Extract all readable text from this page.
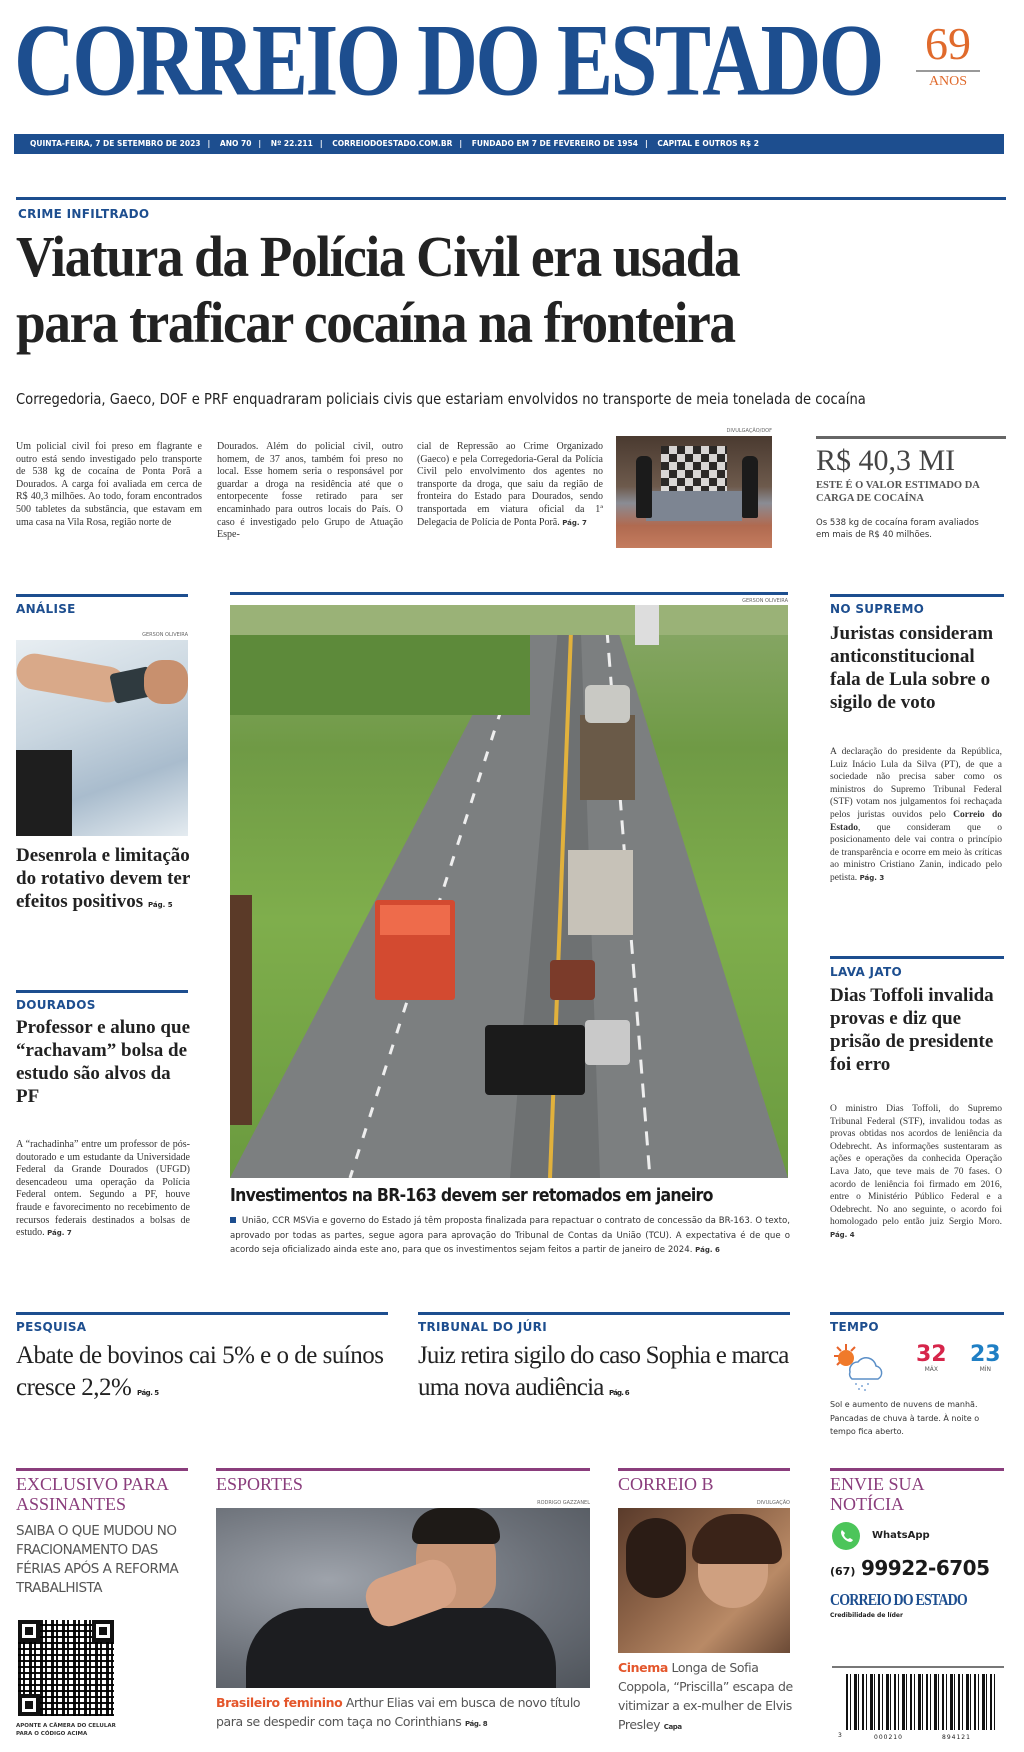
CORREIO DO ESTADO 69
ANOS
QUINTA-FEIRA, 7 DE SETEMBRO DE 2023 | ANO 70 | Nº 22.211 | CORREIODOESTADO.COM.BR | FUNDADO EM 7 DE FEVEREIRO DE 1954 | CAPITAL E OUTROS R$ 2
CRIME INFILTRADO
Viatura da Polícia Civil era usada
para traficar cocaína na fronteira
Corregedoria, Gaeco, DOF e PRF enquadraram policiais civis que estariam envolvidos no transporte de meia tonelada de cocaína
Um policial civil foi preso em flagrante e outro está sendo investigado pelo transporte de 538 kg de cocaína de Ponta Porã a Dourados. A carga foi avaliada em cerca de R$ 40,3 milhões. Ao todo, foram encontrados 500 tabletes da substância, que estavam em uma casa na Vila Rosa, região norte de
Dourados. Além do policial civil, outro homem, de 37 anos, também foi preso no local. Esse homem seria o responsável por guardar a droga na residência até que o entorpecente fosse retirado para ser encaminhado para outros locais do País. O caso é investigado pelo Grupo de Atuação Espe-
cial de Repressão ao Crime Organizado (Gaeco) e pela Corregedoria-Geral da Polícia Civil pelo envolvimento dos agentes no transporte da droga, que saiu da região de fronteira do Estado para Dourados, sendo transportada em viatura oficial da 1ª Delegacia de Polícia de Ponta Porã. Pág. 7
DIVULGAÇÃO/DOF
R$ 40,3 MI
ESTE É O VALOR ESTIMADO DA CARGA DE COCAÍNA
Os 538 kg de cocaína foram avaliados em mais de R$ 40 milhões.
ANÁLISE
GERSON OLIVEIRA
Desenrola e limitação do rotativo devem ter efeitos positivos Pág. 5
DOURADOS
Professor e aluno que “rachavam” bolsa de estudo são alvos da PF
A “rachadinha” entre um professor de pós-doutorado e um estudante da Universidade Federal da Grande Dourados (UFGD) desencadeou uma operação da Polícia Federal ontem. Segundo a PF, houve fraude e favorecimento no recebimento de recursos federais destinados a bolsas de estudo. Pág. 7
GERSON OLIVEIRA
Investimentos na BR-163 devem ser retomados em janeiro
União, CCR MSVia e governo do Estado já têm proposta finalizada para repactuar o contrato de concessão da BR-163. O texto, aprovado por todas as partes, segue agora para aprovação do Tribunal de Contas da União (TCU). A expectativa é de que o acordo seja oficializado ainda este ano, para que os investimentos sejam feitos a partir de janeiro de 2024. Pág. 6
NO SUPREMO
Juristas consideram anticonstitucional fala de Lula sobre o sigilo de voto
A declaração do presidente da República, Luiz Inácio Lula da Silva (PT), de que a sociedade não precisa saber como os ministros do Supremo Tribunal Federal (STF) votam nos julgamentos foi rechaçada pelos juristas ouvidos pelo Correio do Estado, que consideram que o posicionamento dele vai contra o princípio de transparência e ocorre em meio às críticas ao ministro Cristiano Zanin, indicado pelo petista. Pág. 3
LAVA JATO
Dias Toffoli invalida provas e diz que prisão de presidente foi erro
O ministro Dias Toffoli, do Supremo Tribunal Federal (STF), invalidou todas as provas obtidas nos acordos de leniência da Odebrecht. As informações sustentaram as ações e operações da conhecida Operação Lava Jato, que teve mais de 70 fases. O acordo de leniência foi firmado em 2016, entre o Ministério Público Federal e a Odebrecht. No ano seguinte, o acordo foi homologado pelo então juiz Sergio Moro. Pág. 4
PESQUISA
Abate de bovinos cai 5% e o de suínos cresce 2,2% Pág. 5
TRIBUNAL DO JÚRI
Juiz retira sigilo do caso Sophia e marca uma nova audiência Pág. 6
TEMPO
32
MÁX
23
MÍN
Sol e aumento de nuvens de manhã. Pancadas de chuva à tarde. À noite o tempo fica aberto.
EXCLUSIVO PARA ASSINANTES
SAIBA O QUE MUDOU NO FRACIONAMENTO DAS FÉRIAS APÓS A REFORMA TRABALHISTA
APONTE A CÂMERA DO CELULAR PARA O CÓDIGO ACIMA
ESPORTES
RODRIGO GAZZANEL
Brasileiro feminino Arthur Elias vai em busca de novo título para se despedir com taça no Corinthians Pág. 8
CORREIO B
DIVULGAÇÃO
Cinema Longa de Sofia Coppola, “Priscilla” escapa de vitimizar a ex-mulher de Elvis Presley Capa
ENVIE SUA NOTÍCIA
WhatsApp
(67) 99922-6705
CORREIO DO ESTADO
Credibilidade de líder
3	000210	894121
